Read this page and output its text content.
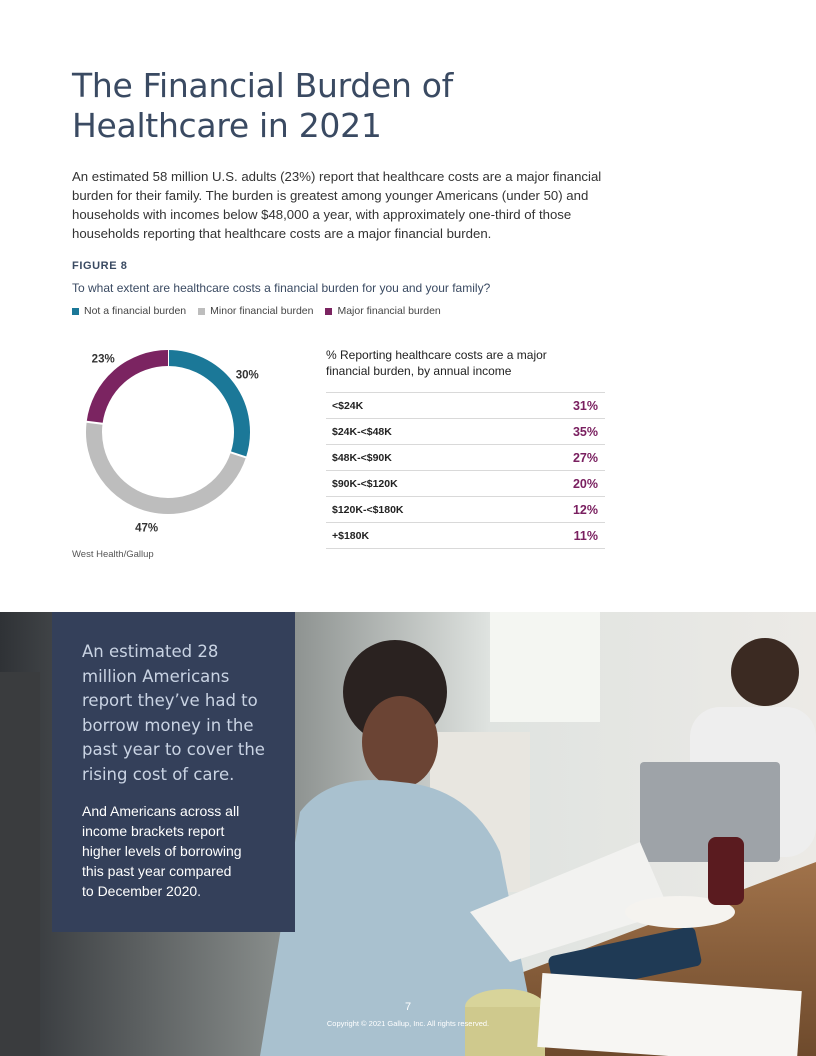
The Financial Burden of
Healthcare in 2021
An estimated 58 million U.S. adults (23%) report that healthcare costs are a major financial burden for their family. The burden is greatest among younger Americans (under 50) and households with incomes below $48,000 a year, with approximately one-third of those households reporting that healthcare costs are a major financial burden.
FIGURE 8
To what extent are healthcare costs a financial burden for you and your family?
Not a financial burden Minor financial burden Major financial burden
30%
47%
23%	% Reporting healthcare costs are a major financial burden, by annual income
<$24K	31%
$24K-<$48K	35%
$48K-<$90K	27%
$90K-<$120K	20%
$120K-<$180K	12%
+$180K	11%
West Health/Gallup
An estimated 28
million Americans
report they’ve had to
borrow money in the
past year to cover the
rising cost of care.
And Americans across all
income brackets report
higher levels of borrowing
this past year compared
to December 2020.
7
Copyright © 2021 Gallup, Inc. All rights reserved.
